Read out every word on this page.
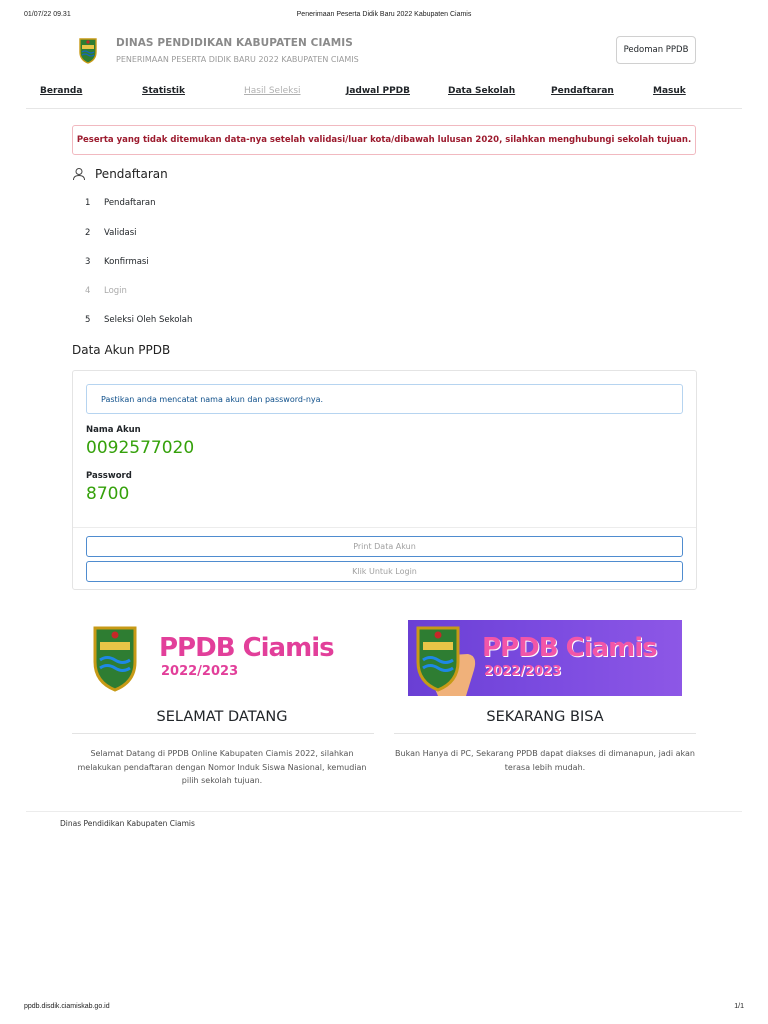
01/07/22 09.31	Penerimaan Peserta Didik Baru 2022 Kabupaten Ciamis
DINAS PENDIDIKAN KABUPATEN CIAMIS
PENERIMAAN PESERTA DIDIK BARU 2022 KABUPATEN CIAMIS
Pedoman PPDB
Beranda	Statistik	Hasil Seleksi	Jadwal PPDB	Data Sekolah	Pendaftaran	Masuk
Peserta yang tidak ditemukan data-nya setelah validasi/luar kota/dibawah lulusan 2020, silahkan menghubungi sekolah tujuan.
Pendaftaran
1 Pendaftaran
2 Validasi
3 Konfirmasi
4 Login
5 Seleksi Oleh Sekolah
Data Akun PPDB
Pastikan anda mencatat nama akun dan password-nya.
Nama Akun
0092577020
Password
8700
Print Data Akun
Klik Untuk Login
PPDB Ciamis
2022/2023
PPDB Ciamis
2022/2023
SELAMAT DATANG
Selamat Datang di PPDB Online Kabupaten Ciamis 2022, silahkan melakukan pendaftaran dengan Nomor Induk Siswa Nasional, kemudian pilih sekolah tujuan.
SEKARANG BISA
Bukan Hanya di PC, Sekarang PPDB dapat diakses di dimanapun, jadi akan terasa lebih mudah.
Dinas Pendidikan Kabupaten Ciamis
ppdb.disdik.ciamiskab.go.id	1/1
